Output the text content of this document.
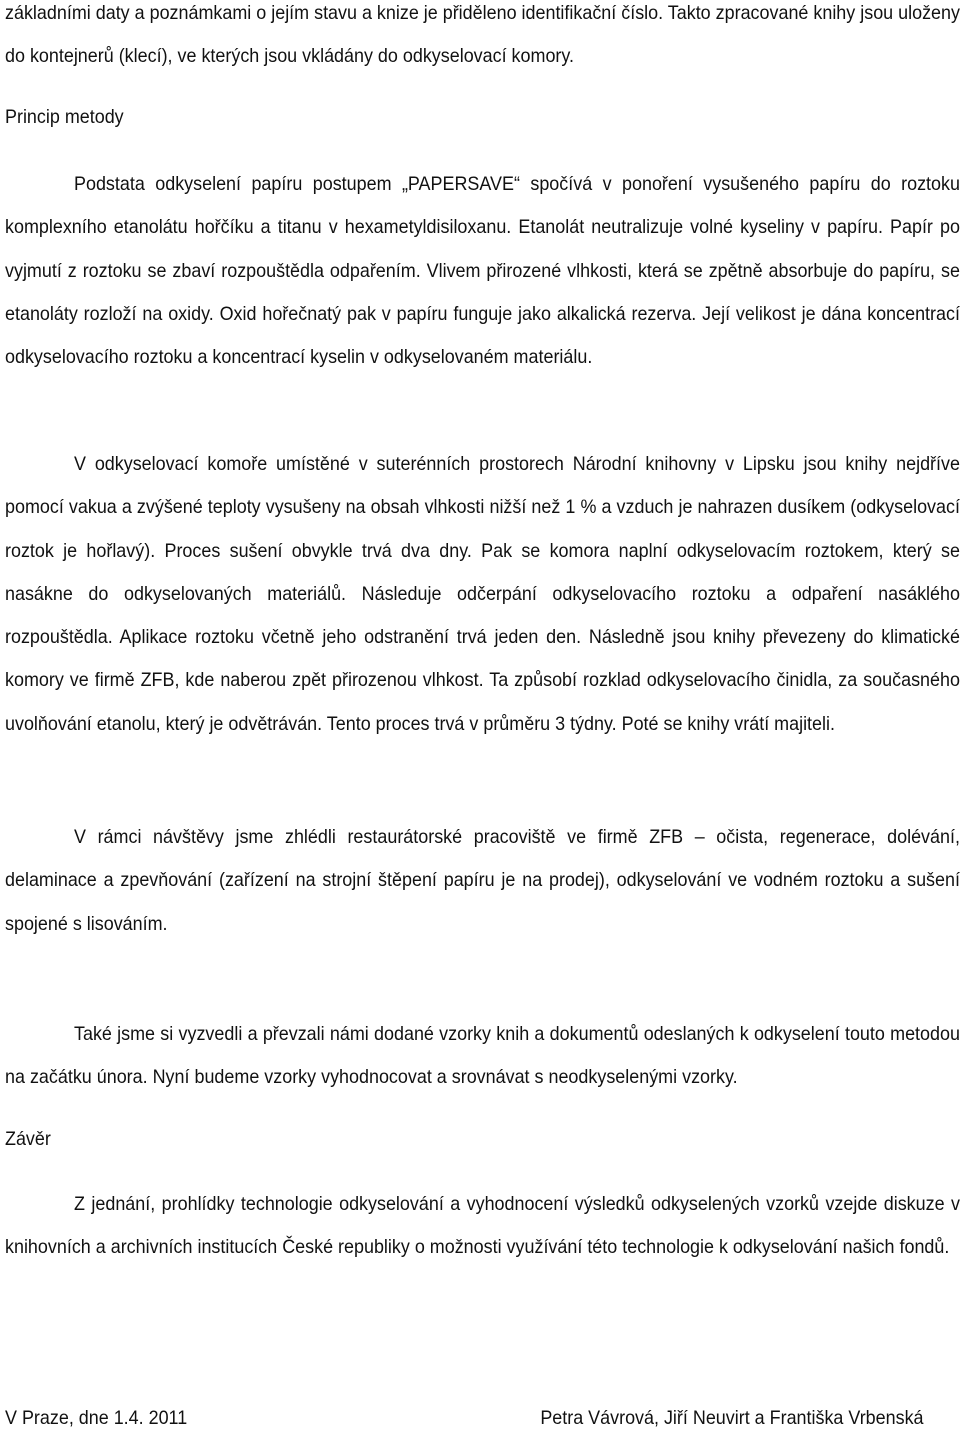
základními daty a poznámkami o jejím stavu a knize je přiděleno identifikační číslo. Takto zpracované knihy jsou uloženy do kontejnerů (klecí), ve kterých jsou vkládány do odkyselovací komory.

Princip metody

Podstata odkyselení papíru postupem „PAPERSAVE“ spočívá v ponoření vysušeného papíru do roztoku komplexního etanolátu hořčíku a titanu v hexametyldisiloxanu. Etanolát neutralizuje volné kyseliny v papíru. Papír po vyjmutí z roztoku se zbaví rozpouštědla odpařením. Vlivem přirozené vlhkosti, která se zpětně absorbuje do papíru, se etanoláty rozloží na oxidy. Oxid hořečnatý pak v papíru funguje jako alkalická rezerva. Její velikost je dána koncentrací odkyselovacího roztoku a koncentrací kyselin v odkyselovaném materiálu.

V odkyselovací komoře umístěné v suterénních prostorech Národní knihovny v Lipsku jsou knihy nejdříve pomocí vakua a zvýšené teploty vysušeny na obsah vlhkosti nižší než 1 % a vzduch je nahrazen dusíkem (odkyselovací roztok je hořlavý). Proces sušení obvykle trvá dva dny. Pak se komora naplní odkyselovacím roztokem, který se nasákne do odkyselovaných materiálů. Následuje odčerpání odkyselovacího roztoku a odpaření nasáklého rozpouštědla. Aplikace roztoku včetně jeho odstranění trvá jeden den. Následně jsou knihy převezeny do klimatické komory ve firmě ZFB, kde naberou zpět přirozenou vlhkost. Ta způsobí rozklad odkyselovacího činidla, za současného uvolňování etanolu, který je odvětráván. Tento proces trvá v průměru 3 týdny. Poté se knihy vrátí majiteli.

V rámci návštěvy jsme zhlédli restaurátorské pracoviště ve firmě ZFB – očista, regenerace, dolévání, delaminace a zpevňování (zařízení na strojní štěpení papíru je na prodej), odkyselování ve vodném roztoku a sušení spojené s lisováním.

Také jsme si vyzvedli a převzali námi dodané vzorky knih a dokumentů odeslaných k odkyselení touto metodou na začátku února. Nyní budeme vzorky vyhodnocovat a srovnávat s neodkyselenými vzorky.

Závěr

Z jednání, prohlídky technologie odkyselování a vyhodnocení výsledků odkyselených vzorků vzejde diskuze v knihovních a archivních institucích České republiky o možnosti využívání této technologie k odkyselování našich fondů.

V Praze, dne 1.4. 2011	Petra Vávrová, Jiří Neuvirt a Františka Vrbenská
